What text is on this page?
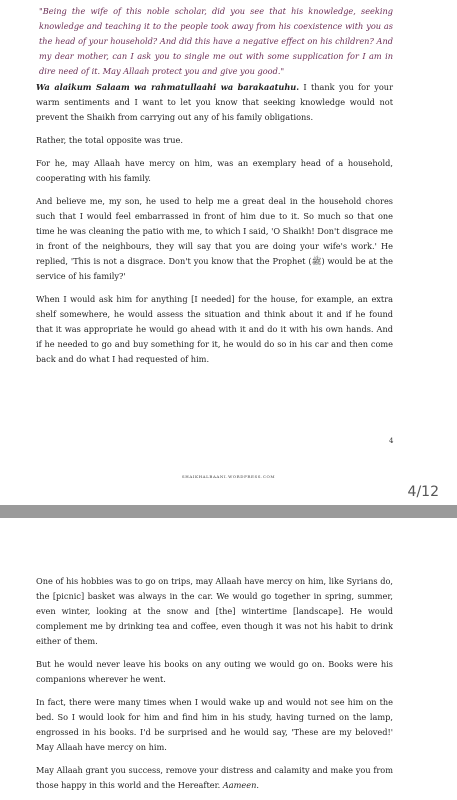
"Being the wife of this noble scholar, did you see that his knowledge, seeking knowledge and teaching it to the people took away from his coexistence with you as the head of your household? And did this have a negative effect on his children? And my dear mother, can I ask you to single me out with some supplication for I am in dire need of it. May Allaah protect you and give you good."

Wa alaikum Salaam wa rahmatullaahi wa barakaatuhu. I thank you for your warm sentiments and I want to let you know that seeking knowledge would not prevent the Shaikh from carrying out any of his family obligations.

Rather, the total opposite was true.

For he, may Allaah have mercy on him, was an exemplary head of a household, cooperating with his family.

And believe me, my son, he used to help me a great deal in the household chores such that I would feel embarrassed in front of him due to it. So much so that one time he was cleaning the patio with me, to which I said, 'O Shaikh! Don't disgrace me in front of the neighbours, they will say that you are doing your wife's work.' He replied, 'This is not a disgrace. Don't you know that the Prophet (ﷺ) would be at the service of his family?'

When I would ask him for anything [I needed] for the house, for example, an extra shelf somewhere, he would assess the situation and think about it and if he found that it was appropriate he would go ahead with it and do it with his own hands. And if he needed to go and buy something for it, he would do so in his car and then come back and do what I had requested of him.

4
SHAIKHALBAANI.WORDPRESS.COM
4/12

One of his hobbies was to go on trips, may Allaah have mercy on him, like Syrians do, the [picnic] basket was always in the car. We would go together in spring, summer, even winter, looking at the snow and [the] wintertime [landscape]. He would complement me by drinking tea and coffee, even though it was not his habit to drink either of them.

But he would never leave his books on any outing we would go on. Books were his companions wherever he went.

In fact, there were many times when I would wake up and would not see him on the bed. So I would look for him and find him in his study, having turned on the lamp, engrossed in his books. I'd be surprised and he would say, 'These are my beloved!' May Allaah have mercy on him.

May Allaah grant you success, remove your distress and calamity and make you from those happy in this world and the Hereafter. Aameen.
